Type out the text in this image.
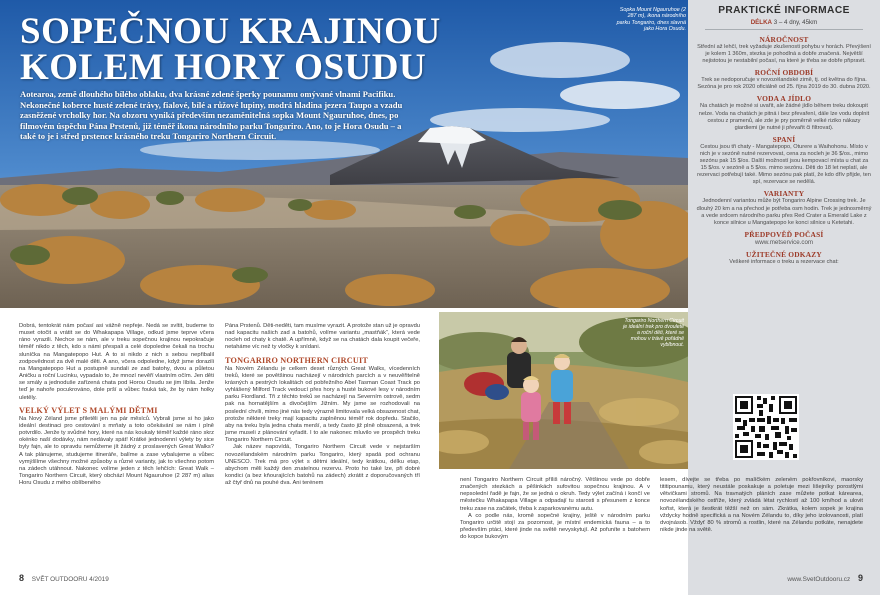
SOPEČNOU KRAJINOU
KOLEM HORY OSUDU
Aotearoa, země dlouhého bílého oblaku, dva krásné zelené šperky pounamu omývané vlnami Pacifiku. Nekonečné koberce husté zelené trávy, fialové, bílé a růžové lupiny, modrá hladina jezera Taupo a vzadu zasněžené vrcholky hor. Na obzoru vyniká především nezaměnitelná sopka Mount Ngauruhoe, dnes, po filmovém úspěchu Pána Prstenů, již téměř ikona národního parku Tongariro. Ano, to je Hora Osudu – a také to je i střed prstence krásného treku Tongariro Northern Circuit.
Sopka Mount Ngauruhoe (2 287 m), ikona národního parku Tongariro, dnes slavná jako Hora Osudu.
PRAKTICKÉ INFORMACE
DÉLKA 3 – 4 dny, 45km
NÁROČNOST

Střední až lehčí, trek vyžaduje zkušenosti pohybu v horách. Převýšení je kolem 1 360m, stezka je pohodlná a dobře značená. Největší nejistotou je nestabilní počasí, na které je třeba se dobře připravit.

ROČNÍ OBDOBÍ

Trek se nedoporučuje v novozélandské zimě, tj. od května do října. Sezóna je pro rok 2020 oficiálně od 25. října 2019 do 30. dubna 2020.

VODA A JÍDLO

Na chatách je možné si uvařit, ale žádné jídlo během treku dokoupit nelze. Voda na chatách je pitná i bez převaření, dále lze vodu doplnit cestou z pramenů, ale zde je pry poměrně velké riziko nákazy giardiemi (je nutné ji převařit či filtrovat).

SPANÍ

Cestou jsou tři chaty - Mangatepopo, Oturere a Waihohonu. Místo v nich je v sezóně nutné rezervovat, cena za nocleh je 36 $/os., mimo sezónu pak 15 $/os. Další možností jsou kempovací místa u chat za 15 $/os. v sezóně a 5 $/os. mimo sezónu. Děti do 18 let neplatí, ale rezervaci potřebují také. Mimo sezónu pak platí, že kdo dřív přijde, ten spí, rezervace se nedělá.

VARIANTY

Jednodenní variantou může být Tongariro Alpine Crossing trek. Je dlouhý 20 km a na přechod je potřeba osm hodin. Trek je jednosměrný a vede srdcem národního parku přes Red Crater a Emerald Lake z konce silnice u Mangatepopo ke konci silnice u Ketetahi.

PŘEDPOVĚĎ POČASÍ
www.metservice.com
UŽITEČNÉ ODKAZY

Veškeré informace o treku a rezervace chat:

Dobrá, tentokrát nám počasí asi vážně nepřeje. Nedá se svítit, budeme to muset otočit a vrátit se do Whakapapa Village, odkud jsme teprve včera ráno vyrazili. Nechce se nám, ale v treku sopečnou krajinou nepokračuje téměř nikdo z těch, kdo s námi přespali a celé dopoledne čekali na trochu sluníčka na Mangatepopo Hut. A to si nikdo z nich s sebou nepřibalil zodpovědnost za dvě malé děti. A ano, včera odpoledne, když jsme dorazili na Mangatepopo Hut a postupně sundali ze zad batohy, dvou a půletou Aničku a roční Lucinku, vypadalo to, že mnozí nevěří vlastním očím. Jen děti se smály a jednoduše zařízená chata pod Horou Osudu se jim líbila. Jenže teď je nahoře pocukrováno, dole prší a vůbec fouká tak, že by nám holky uletěly.

VELKÝ VÝLET S MALÝMI DĚTMI

Na Nový Zéland jsme přiletěli jen na pár měsíců. Vybrali jsme si ho jako ideální destinaci pro cestování s mrňaty a toto očekávání se nám i plně potvrdilo. Jenže ty svůdné hory, které na nás koukaly téměř každé ráno skrz okénko naší dodávky, nám nedávaly spát! Krátké jednodenní výlety by sice byly fajn, ale to opravdu nemůžeme jít žádný z proslavených Great Walks? A tak plánujeme, studujeme itineráře, balíme a zase vybalujeme a vůbec vymýšlíme všechny možné způsoby a různé varianty, jak to všechno potom na zádech utáhnout. Nakonec volíme jeden z těch lehčích: Great Walk – Tongariro Northern Circuit, který obchází Mount Ngauruhoe (2 287 m) alias Horu Osudu z mého oblíbeného

Pána Prstenů. Děti-neděti, tam musíme vyrazit. A protože stan už je opravdu nad kapacitu našich zad a batohů, volíme variantu „mastňák“, která vede nocleh od chaty k chatě. A upřímně, když se na chatách dala koupit večeře, netaháme víc než ty vločky k snídani.

TONGARIRO NORTHERN CIRCUIT

Na Novém Zélandu je celkem deset různých Great Walks, vícedenních treků, které se povětšinou nacházejí v národních parcích a v neuvěřitelně krásných a pestrých lokalitách od pobřežního Abel Tasman Coast Track po vyhlášený Milford Track vedoucí přes hory a husté bukové lesy v národním parku Fiordland. Tři z těchto treků se nacházejí na Severním ostrově, sedm pak na hornatějším a divočejším Jižním. My jsme se rozhodovali na poslední chvíli, mimo jiné nás tedy výrazně limitovala velká obsazenost chat, protože některé treky mají kapacitu zaplněnou téměř rok dopředu. Stačilo, aby na treku byla jedna chata menší, a tedy často již plně obsazená, a trek jsme museli z plánování vyřadit. I to ale nakonec mluvilo ve prospěch treku Tongariro Northern Circuit.

Jak název napovídá, Tongariro Northern Circuit vede v nejstarším novozélandském národním parku Tongariro, který spadá pod ochranu UNESCO. Trek má pro výlet s dětmi ideální, tedy krátkou, délku etap, abychom měli každý den znatelnou rezervu. Proto ho také lze, při dobré kondici (a bez kňourajících batohů na zádech) zkrátit z doporučovaných tří až čtyř dnů na pouhé dva. Ani terénem

Tongariro Northern Circuit je ideální trek pro dvouleté a roční děti, které se mohou v trávě pořádně vyblbnout.

není Tongariro Northern Circuit příliš náročný. Většinou vede po dobře značených stezkách a pěšinkách sufovitou sopečnou krajinou. A v nepsolední řadě je fajn, že se jedná o okruh. Tedy výlet začíná i končí ve městečku Whakapapa Village a odpadají tu starosti s přesunem z konce treku zase na začátek, třeba k zaparkovanému autu.

A co podle nás, kromě sopečné krajiny, ještě v národním parku Tongariro určitě stojí za pozornost, je místní endemická fauna – a to především ptáci, které jinde na světě nevyskytují. Až pofuníte s batohem do kopce bukovým

lesem, dívejte se třeba po malíčkém zeleném pokřovníkovi, maorsky tititipounamu, který neustále poskakuje a poletuje mezi lišejníky porostlými větvičkami stromů. Na travnatých pláních zase můžete potkat kárearea, novozélandského ostříže, který zvládá létat rychlostí až 100 km/hod a ulovit kořist, která je šestkrát těžší než on sám. Zkrátka, kolem sopek je krajina vždycky hodně specifická a na Novém Zélandu to, díky jeho izolovanosti, platí dvojnásob. Vždyť 80 % stromů a rostlin, které na Zélandu potkáte, nenajdete nikde jinde na světě.

8 SVĚT OUTDOORU 4/2019	www.SvetOutdooru.cz 9
